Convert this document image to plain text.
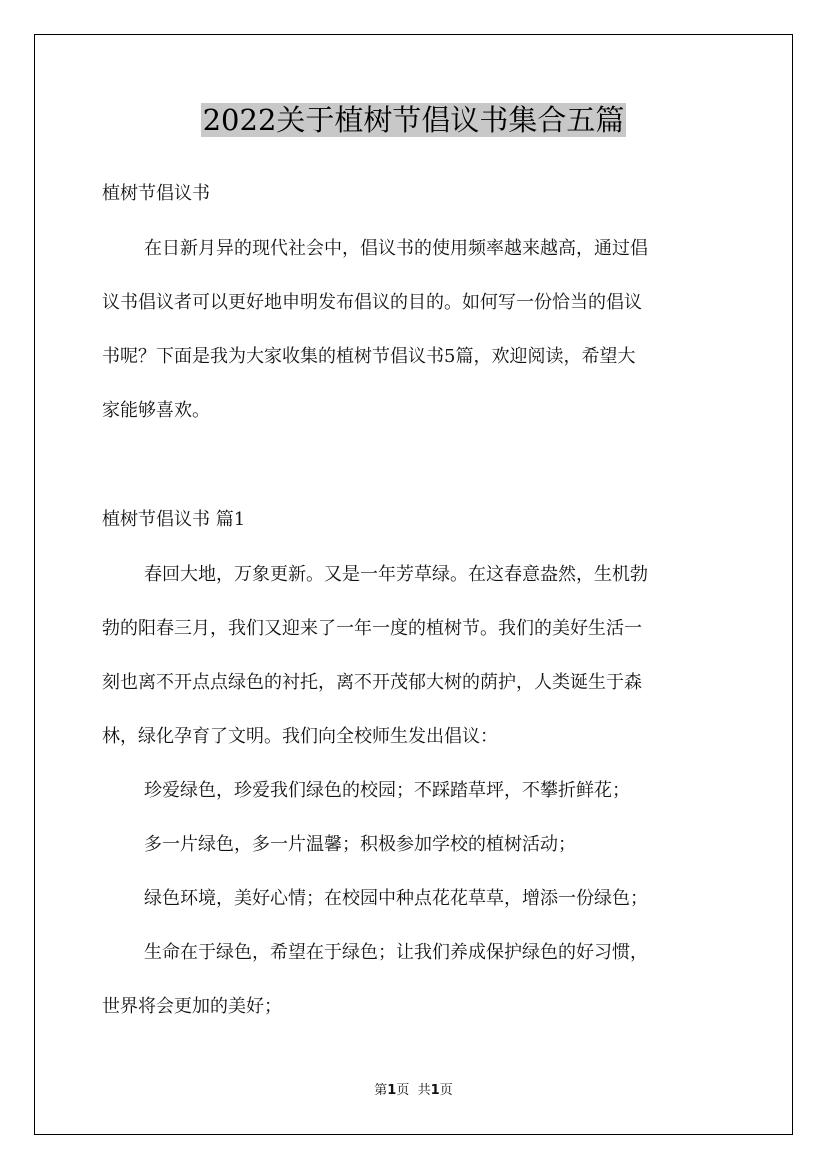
2022关于植树节倡议书集合五篇
植树节倡议书
在日新月异的现代社会中，倡议书的使用频率越来越高，通过倡
议书倡议者可以更好地申明发布倡议的目的。如何写一份恰当的倡议
书呢？下面是我为大家收集的植树节倡议书5篇，欢迎阅读，希望大
家能够喜欢。
植树节倡议书 篇1
春回大地，万象更新。又是一年芳草绿。在这春意盎然，生机勃
勃的阳春三月，我们又迎来了一年一度的植树节。我们的美好生活一
刻也离不开点点绿色的衬托，离不开茂郁大树的荫护，人类诞生于森
林，绿化孕育了文明。我们向全校师生发出倡议：
珍爱绿色，珍爱我们绿色的校园；不踩踏草坪，不攀折鲜花；
多一片绿色，多一片温馨；积极参加学校的植树活动；
绿色环境，美好心情；在校园中种点花花草草，增添一份绿色；
生命在于绿色，希望在于绿色；让我们养成保护绿色的好习惯，
世界将会更加的美好；
第1页 共1页
